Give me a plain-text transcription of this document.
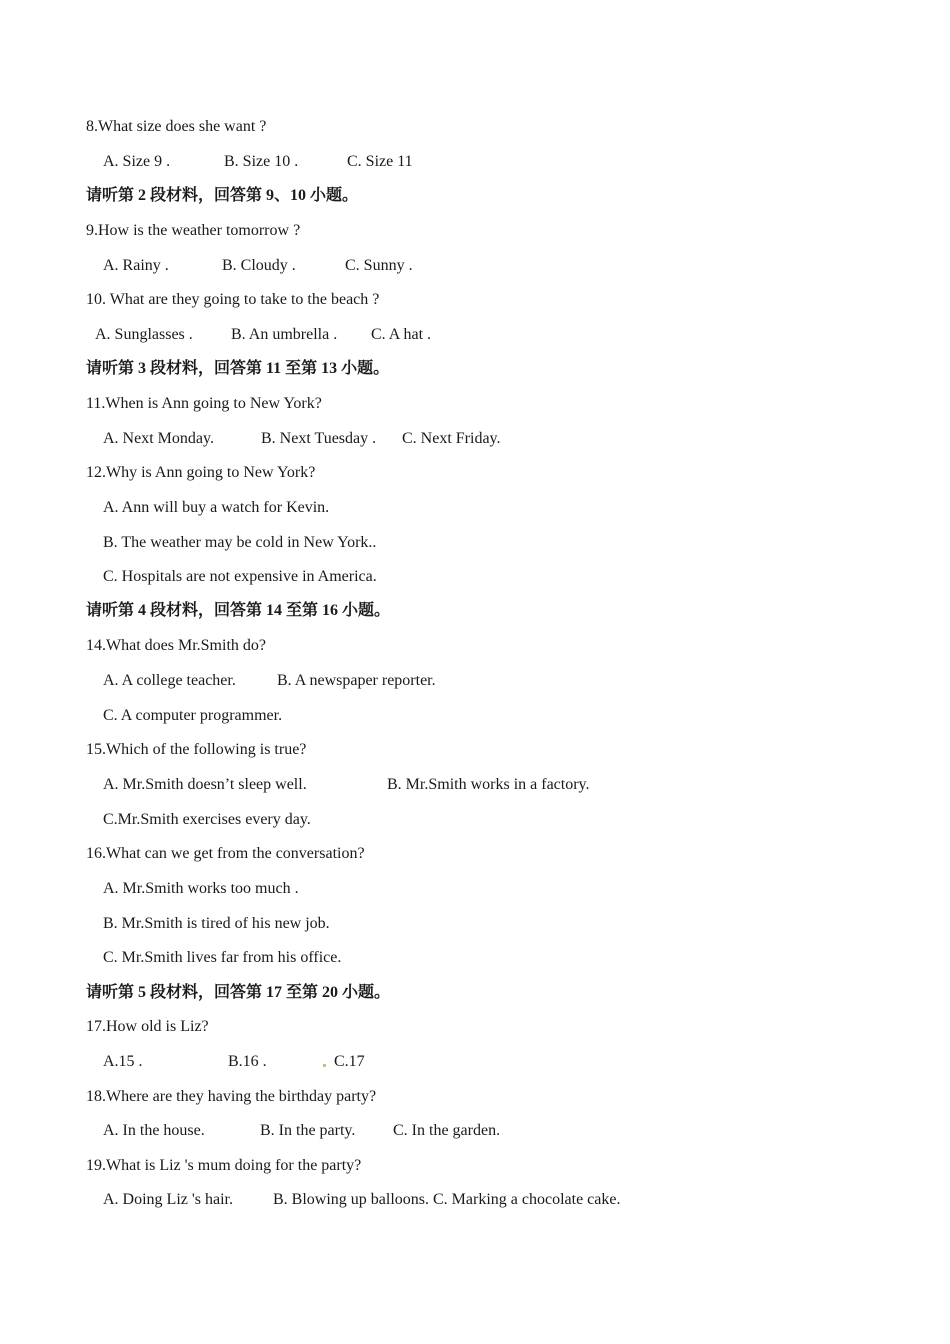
8.What size does she want ?
A. Size 9 .	B. Size 10 .	C. Size 11
请听第 2 段材料，回答第 9、10 小题。
9.How is the weather tomorrow ?
A. Rainy .	B. Cloudy .	C. Sunny .
10. What are they going to take to the beach ?
A. Sunglasses . B. An umbrella . C. A hat .
请听第 3 段材料，回答第 11 至第 13 小题。
11.When is Ann going to New York?
A. Next Monday.	B. Next Tuesday . C. Next Friday.
12.Why is Ann going to New York?
A. Ann will buy a watch for Kevin.
B. The weather may be cold in New York..
C. Hospitals are not expensive in America.
请听第 4 段材料，回答第 14 至第 16 小题。
14.What does Mr.Smith do?
A. A college teacher.	B. A newspaper reporter.
C. A computer programmer.
15.Which of the following is true?
A. Mr.Smith doesn’t sleep well.	B. Mr.Smith works in a factory.
C.Mr.Smith exercises every day.
16.What can we get from the conversation?
A. Mr.Smith works too much .
B. Mr.Smith is tired of his new job.
C. Mr.Smith lives far from his office.
请听第 5 段材料，回答第 17 至第 20 小题。
17.How old is Liz?
A.15 .	B.16 .	C.17
18.Where are they having the birthday party?
A. In the house.	B. In the party. C. In the garden.
19.What is Liz 's mum doing for the party?
A. Doing Liz 's hair.	B. Blowing up balloons. C. Marking a chocolate cake.
